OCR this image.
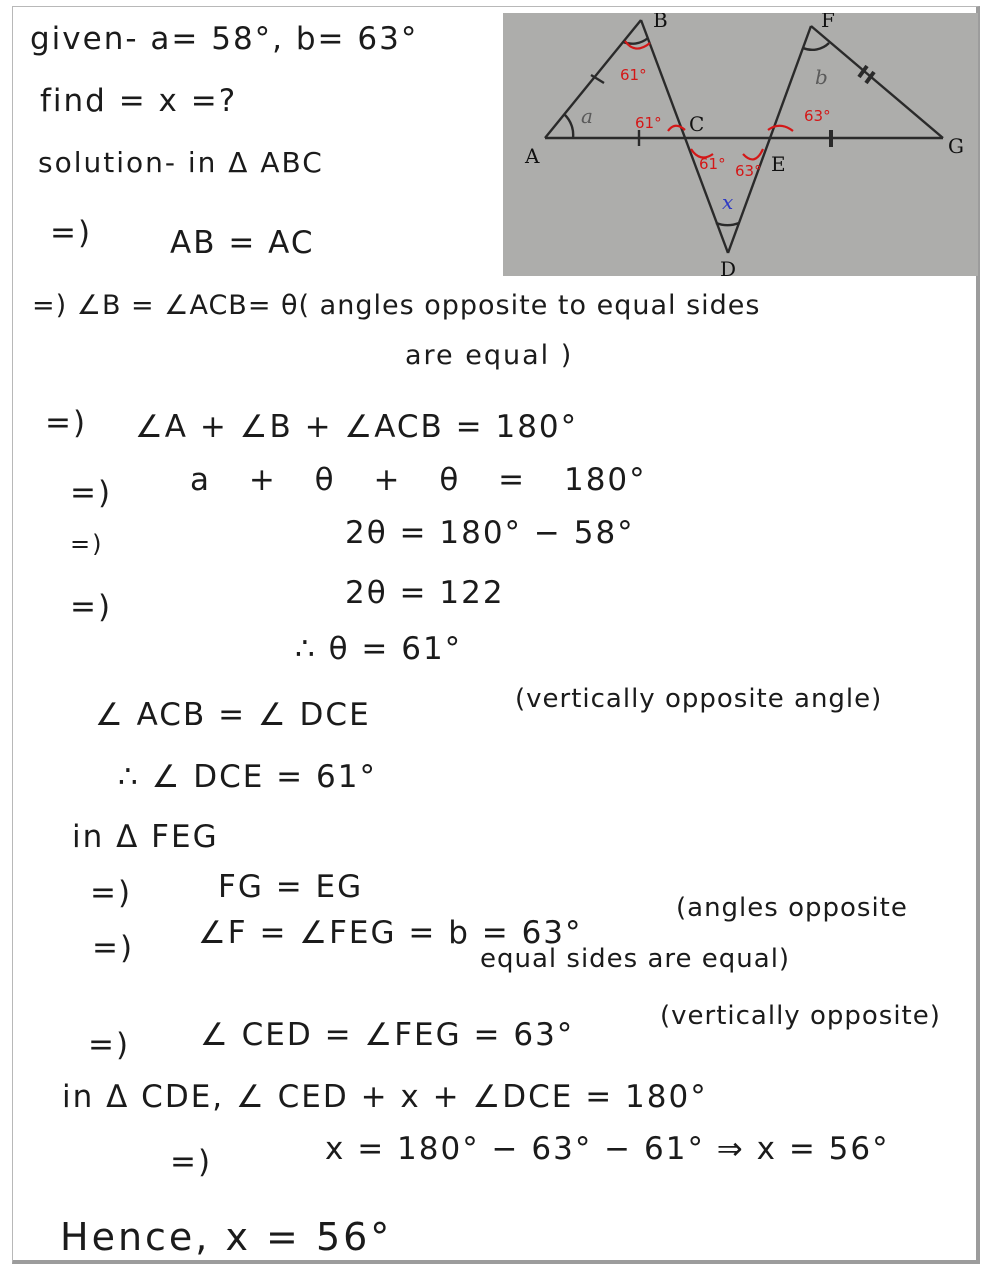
A
B
C
D
E
F
G
a
b
x
61°
61°
61° 63°
63°
given- a= 58°, b= 63°
find = x =?
solution- in Δ ABC
=)	AB = AC
=) ∠B = ∠ACB= θ( angles opposite to equal sides
are equal )
=) ∠A + ∠B + ∠ACB = 180°
=)	a + θ + θ = 180°
=)	2θ = 180° − 58°
=)	2θ = 122
∴ θ = 61°
∠ ACB = ∠ DCE	(vertically opposite angle)
∴ ∠ DCE = 61°
in Δ FEG
=)	FG = EG
=) ∠F = ∠FEG = b = 63°
(angles opposite
equal sides are equal)
=) ∠ CED = ∠FEG = 63°
(vertically opposite)
in Δ CDE, ∠ CED + x + ∠DCE = 180°
=)	x = 180° − 63° − 61° ⇒ x = 56°
Hence, x = 56°
